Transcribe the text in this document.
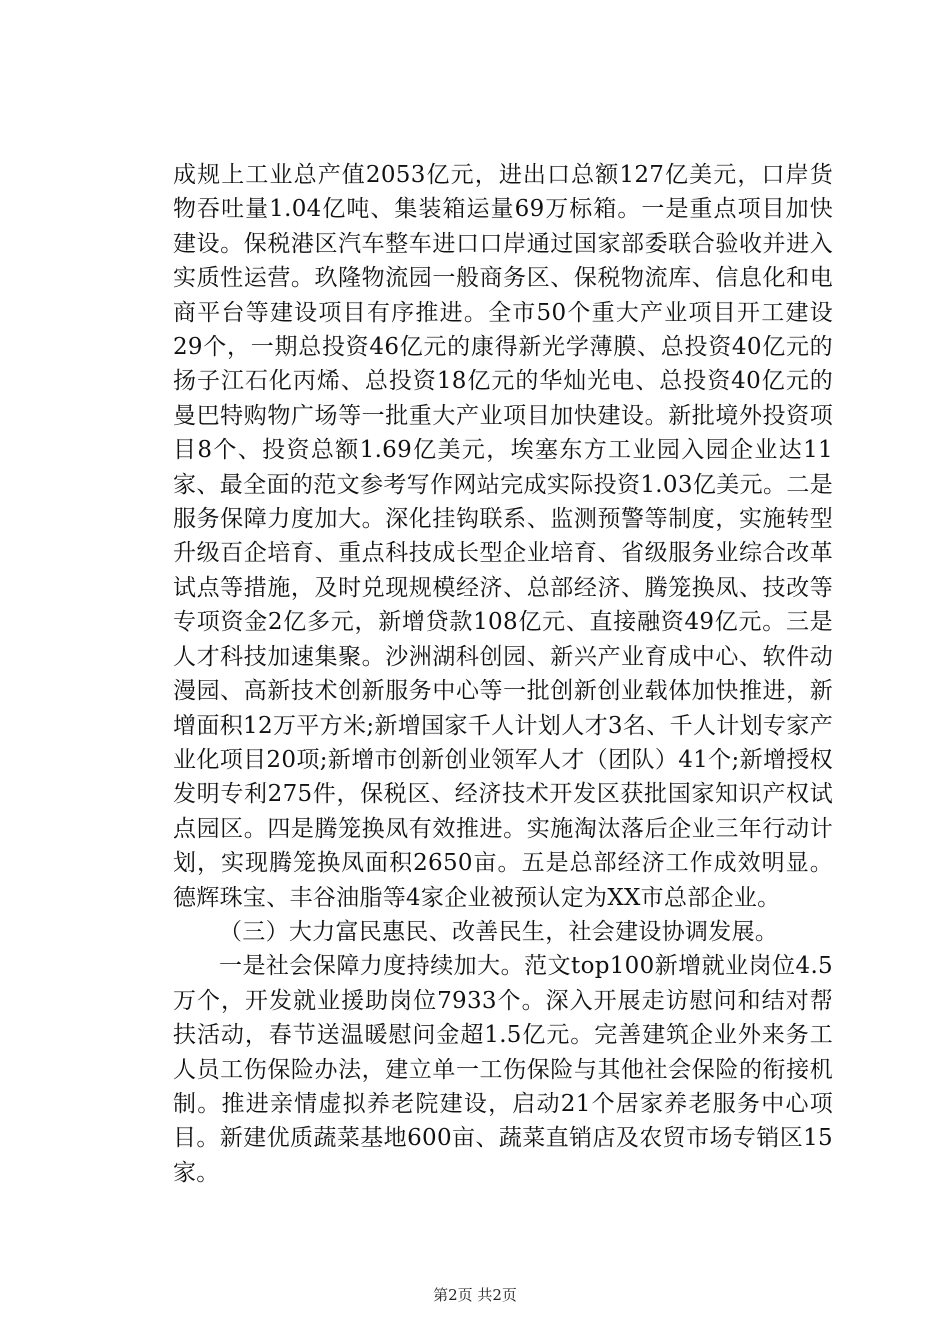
成规上工业总产值2053亿元，进出口总额127亿美元，口岸货物吞吐量1.04亿吨、集装箱运量69万标箱。一是重点项目加快建设。保税港区汽车整车进口口岸通过国家部委联合验收并进入实质性运营。玖隆物流园一般商务区、保税物流库、信息化和电商平台等建设项目有序推进。全市50个重大产业项目开工建设29个，一期总投资46亿元的康得新光学薄膜、总投资40亿元的扬子江石化丙烯、总投资18亿元的华灿光电、总投资40亿元的曼巴特购物广场等一批重大产业项目加快建设。新批境外投资项目8个、投资总额1.69亿美元，埃塞东方工业园入园企业达11家、最全面的范文参考写作网站完成实际投资1.03亿美元。二是服务保障力度加大。深化挂钩联系、监测预警等制度，实施转型升级百企培育、重点科技成长型企业培育、省级服务业综合改革试点等措施，及时兑现规模经济、总部经济、腾笼换凤、技改等专项资金2亿多元，新增贷款108亿元、直接融资49亿元。三是人才科技加速集聚。沙洲湖科创园、新兴产业育成中心、软件动漫园、高新技术创新服务中心等一批创新创业载体加快推进，新增面积12万平方米;新增国家千人计划人才3名、千人计划专家产业化项目20项;新增市创新创业领军人才（团队）41个;新增授权发明专利275件，保税区、经济技术开发区获批国家知识产权试点园区。四是腾笼换凤有效推进。实施淘汰落后企业三年行动计划，实现腾笼换凤面积2650亩。五是总部经济工作成效明显。德辉珠宝、丰谷油脂等4家企业被预认定为XX市总部企业。

（三）大力富民惠民、改善民生，社会建设协调发展。

一是社会保障力度持续加大。范文top100新增就业岗位4.5万个，开发就业援助岗位7933个。深入开展走访慰问和结对帮扶活动，春节送温暖慰问金超1.5亿元。完善建筑企业外来务工人员工伤保险办法，建立单一工伤保险与其他社会保险的衔接机制。推进亲情虚拟养老院建设，启动21个居家养老服务中心项目。新建优质蔬菜基地600亩、蔬菜直销店及农贸市场专销区15家。

第2页 共2页
